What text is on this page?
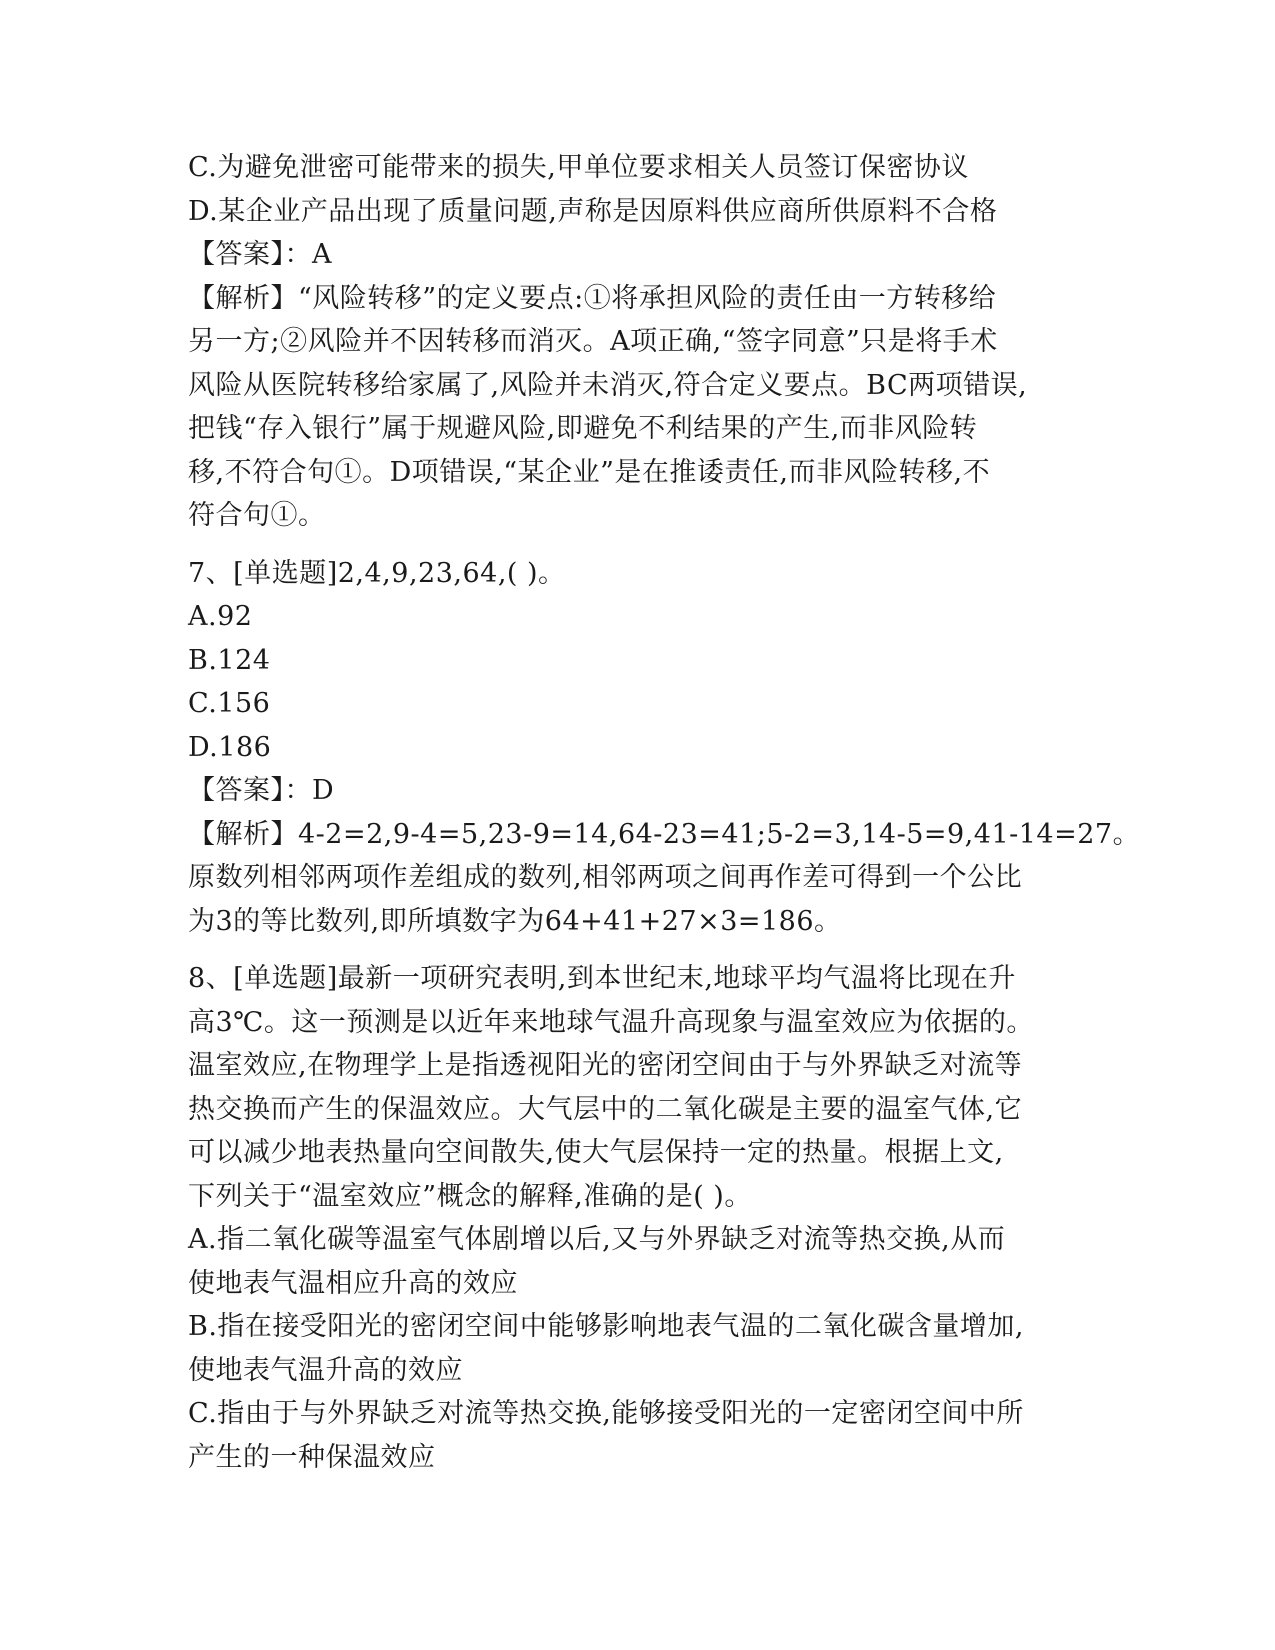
C.为避免泄密可能带来的损失,甲单位要求相关人员签订保密协议
D.某企业产品出现了质量问题,声称是因原料供应商所供原料不合格
【答案】：A
【解析】“风险转移”的定义要点:①将承担风险的责任由一方转移给
另一方;②风险并不因转移而消灭。A项正确,“签字同意”只是将手术
风险从医院转移给家属了,风险并未消灭,符合定义要点。BC两项错误,
把钱“存入银行”属于规避风险,即避免不利结果的产生,而非风险转
移,不符合句①。D项错误,“某企业”是在推诿责任,而非风险转移,不
符合句①。
7、[单选题]2,4,9,23,64,( )。
A.92
B.124
C.156
D.186
【答案】：D
【解析】4-2=2,9-4=5,23-9=14,64-23=41;5-2=3,14-5=9,41-14=27。
原数列相邻两项作差组成的数列,相邻两项之间再作差可得到一个公比
为3的等比数列,即所填数字为64+41+27×3=186。
8、[单选题]最新一项研究表明,到本世纪末,地球平均气温将比现在升
高3℃。这一预测是以近年来地球气温升高现象与温室效应为依据的。
温室效应,在物理学上是指透视阳光的密闭空间由于与外界缺乏对流等
热交换而产生的保温效应。大气层中的二氧化碳是主要的温室气体,它
可以减少地表热量向空间散失,使大气层保持一定的热量。根据上文,
下列关于“温室效应”概念的解释,准确的是( )。
A.指二氧化碳等温室气体剧增以后,又与外界缺乏对流等热交换,从而
使地表气温相应升高的效应
B.指在接受阳光的密闭空间中能够影响地表气温的二氧化碳含量增加,
使地表气温升高的效应
C.指由于与外界缺乏对流等热交换,能够接受阳光的一定密闭空间中所
产生的一种保温效应
